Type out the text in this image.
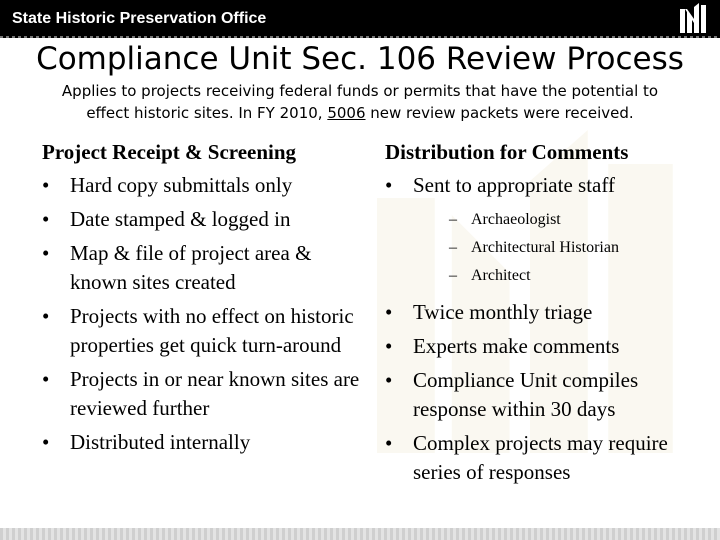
State Historic Preservation Office
Compliance Unit Sec. 106 Review Process
Applies to projects receiving federal funds or permits that have the potential to effect historic sites. In FY 2010, 5006 new review packets were received.
Project Receipt & Screening
• Hard copy submittals only
• Date stamped & logged in
• Map & file of project area & known sites created
• Projects with no effect on historic properties get quick turn-around
• Projects in or near known sites are reviewed further
• Distributed internally
Distribution for Comments
• Sent to appropriate staff
– Archaeologist
– Architectural Historian
– Architect
• Twice monthly triage
• Experts make comments
• Compliance Unit compiles response within 30 days
• Complex projects may require series of responses
